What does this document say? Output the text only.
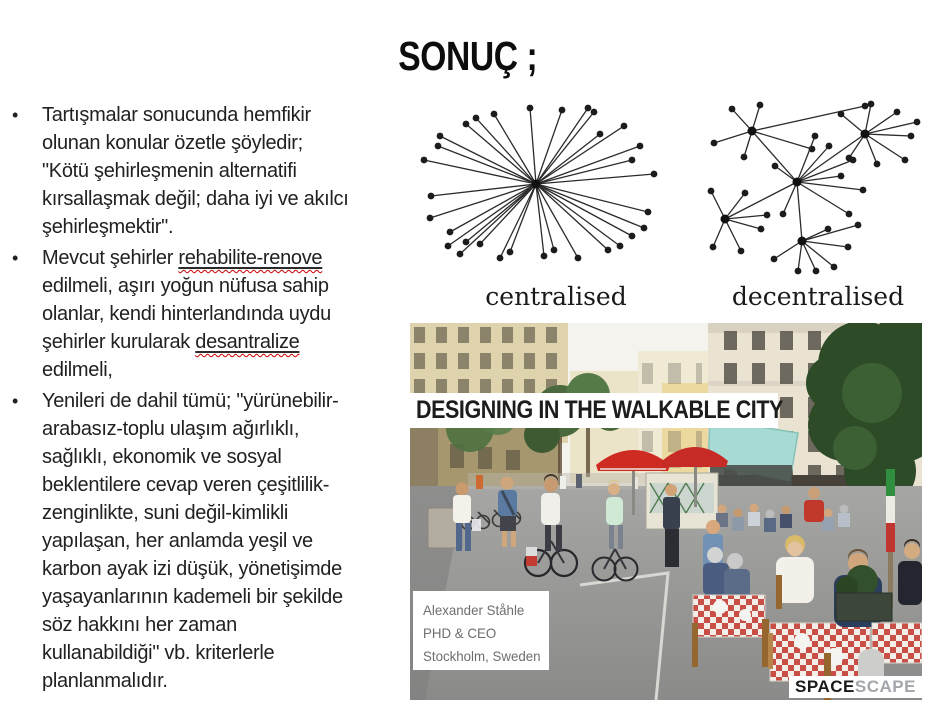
SONUÇ ;
•	Tartışmalar sonucunda hemfikir
olunan konular özetle şöyledir;
"Kötü şehirleşmenin alternatifi
kırsallaşmak değil; daha iyi ve akılcı
şehirleşmektir".
•	Mevcut şehirler rehabilite-renove
edilmeli, aşırı yoğun nüfusa sahip
olanlar, kendi hinterlandında uydu
şehirler kurularak desantralize
edilmeli,
•	Yenileri de dahil tümü; "yürünebilir-
arabasız-toplu ulaşım ağırlıklı,
sağlıklı, ekonomik ve sosyal
beklentilere cevap veren çeşitlilik-
zenginlikte, suni değil-kimlikli
yapılaşan, her anlamda yeşil ve
karbon ayak izi düşük, yönetişimde
yaşayanlarının kademeli bir şekilde
söz hakkını her zaman
kullanabildiği" vb. kriterlerle
planlanmalıdır.
centralised	decentralised
DESIGNING IN THE WALKABLE CITY
Alexander Ståhle
PHD & CEO
Stockholm, Sweden
SPACESCAPE
